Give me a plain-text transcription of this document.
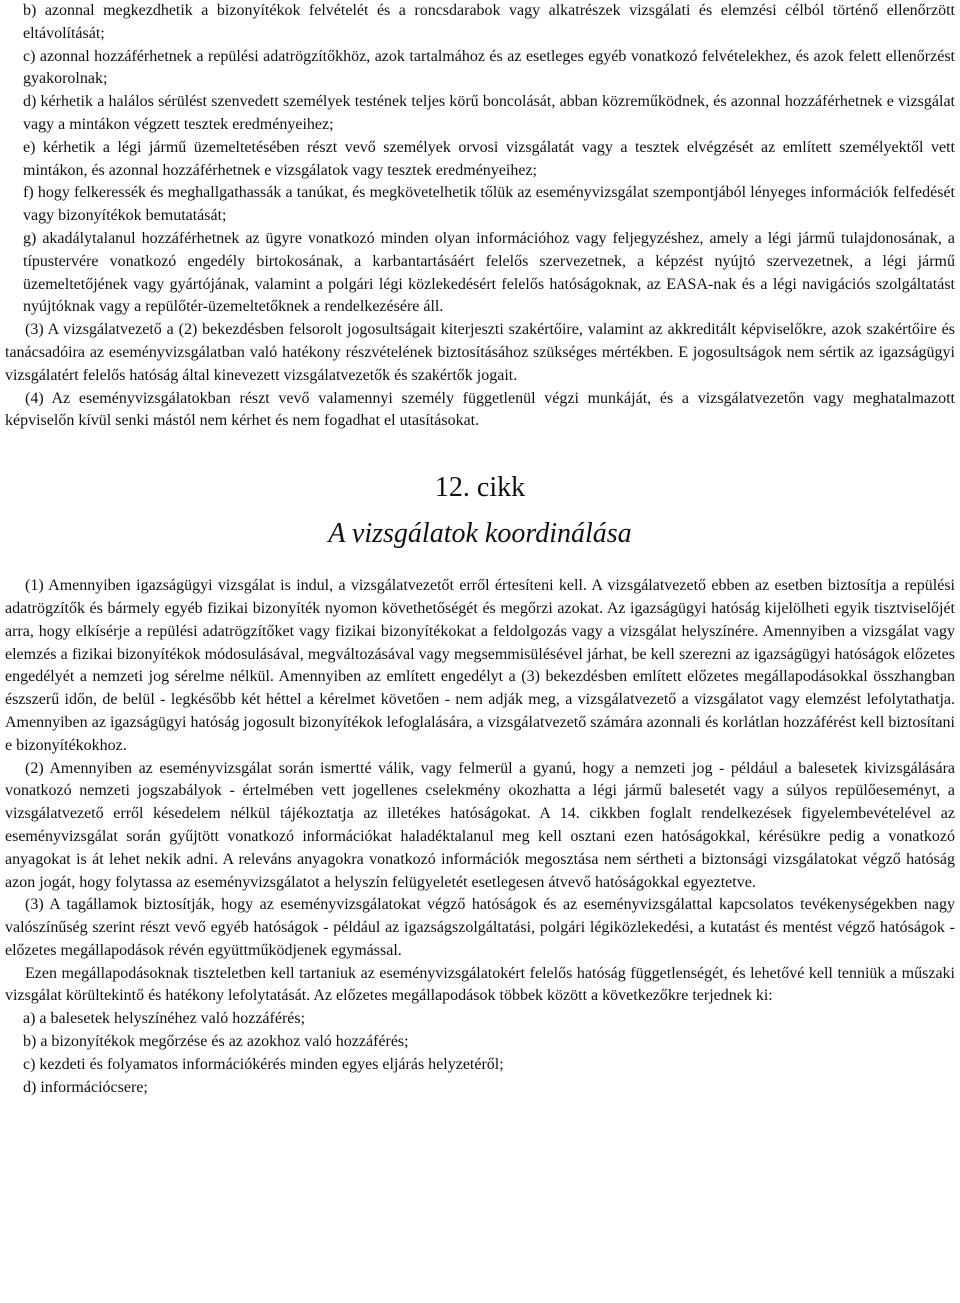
b) azonnal megkezdhetik a bizonyítékok felvételét és a roncsdarabok vagy alkatrészek vizsgálati és elemzési célból történő ellenőrzött eltávolítását;

c) azonnal hozzáférhetnek a repülési adatrögzítőkhöz, azok tartalmához és az esetleges egyéb vonatkozó felvételekhez, és azok felett ellenőrzést gyakorolnak;

d) kérhetik a halálos sérülést szenvedett személyek testének teljes körű boncolását, abban közreműködnek, és azonnal hozzáférhetnek e vizsgálat vagy a mintákon végzett tesztek eredményeihez;

e) kérhetik a légi jármű üzemeltetésében részt vevő személyek orvosi vizsgálatát vagy a tesztek elvégzését az említett személyektől vett mintákon, és azonnal hozzáférhetnek e vizsgálatok vagy tesztek eredményeihez;

f) hogy felkeressék és meghallgathassák a tanúkat, és megkövetelhetik tőlük az eseményvizsgálat szempontjából lényeges információk felfedését vagy bizonyítékok bemutatását;

g) akadálytalanul hozzáférhetnek az ügyre vonatkozó minden olyan információhoz vagy feljegyzéshez, amely a légi jármű tulajdonosának, a típustervére vonatkozó engedély birtokosának, a karbantartásáért felelős szervezetnek, a képzést nyújtó szervezetnek, a légi jármű üzemeltetőjének vagy gyártójának, valamint a polgári légi közlekedésért felelős hatóságoknak, az EASA-nak és a légi navigációs szolgáltatást nyújtóknak vagy a repülőtér-üzemeltetőknek a rendelkezésére áll.

(3) A vizsgálatvezető a (2) bekezdésben felsorolt jogosultságait kiterjeszti szakértőire, valamint az akkreditált képviselőkre, azok szakértőire és tanácsadóira az eseményvizsgálatban való hatékony részvételének biztosításához szükséges mértékben. E jogosultságok nem sértik az igazságügyi vizsgálatért felelős hatóság által kinevezett vizsgálatvezetők és szakértők jogait.

(4) Az eseményvizsgálatokban részt vevő valamennyi személy függetlenül végzi munkáját, és a vizsgálatvezetőn vagy meghatalmazott képviselőn kívül senki mástól nem kérhet és nem fogadhat el utasításokat.

12. cikk
A vizsgálatok koordinálása

(1) Amennyiben igazságügyi vizsgálat is indul, a vizsgálatvezetőt erről értesíteni kell. A vizsgálatvezető ebben az esetben biztosítja a repülési adatrögzítők és bármely egyéb fizikai bizonyíték nyomon követhetőségét és megőrzi azokat. Az igazságügyi hatóság kijelölheti egyik tisztviselőjét arra, hogy elkísérje a repülési adatrögzítőket vagy fizikai bizonyítékokat a feldolgozás vagy a vizsgálat helyszínére. Amennyiben a vizsgálat vagy elemzés a fizikai bizonyítékok módosulásával, megváltozásával vagy megsemmisülésével járhat, be kell szerezni az igazságügyi hatóságok előzetes engedélyét a nemzeti jog sérelme nélkül. Amennyiben az említett engedélyt a (3) bekezdésben említett előzetes megállapodásokkal összhangban észszerű időn, de belül - legkésőbb két héttel a kérelmet követően - nem adják meg, a vizsgálatvezető a vizsgálatot vagy elemzést lefolytathatja. Amennyiben az igazságügyi hatóság jogosult bizonyítékok lefoglalására, a vizsgálatvezető számára azonnali és korlátlan hozzáférést kell biztosítani e bizonyítékokhoz.

(2) Amennyiben az eseményvizsgálat során ismertté válik, vagy felmerül a gyanú, hogy a nemzeti jog - például a balesetek kivizsgálására vonatkozó nemzeti jogszabályok - értelmében vett jogellenes cselekmény okozhatta a légi jármű balesetét vagy a súlyos repülőeseményt, a vizsgálatvezető erről késedelem nélkül tájékoztatja az illetékes hatóságokat. A 14. cikkben foglalt rendelkezések figyelembevételével az eseményvizsgálat során gyűjtött vonatkozó információkat haladéktalanul meg kell osztani ezen hatóságokkal, kérésükre pedig a vonatkozó anyagokat is át lehet nekik adni. A releváns anyagokra vonatkozó információk megosztása nem sértheti a biztonsági vizsgálatokat végző hatóság azon jogát, hogy folytassa az eseményvizsgálatot a helyszín felügyeletét esetlegesen átvevő hatóságokkal egyeztetve.

(3) A tagállamok biztosítják, hogy az eseményvizsgálatokat végző hatóságok és az eseményvizsgálattal kapcsolatos tevékenységekben nagy valószínűség szerint részt vevő egyéb hatóságok - például az igazságszolgáltatási, polgári légiközlekedési, a kutatást és mentést végző hatóságok - előzetes megállapodások révén együttműködjenek egymással.

Ezen megállapodásoknak tiszteletben kell tartaniuk az eseményvizsgálatokért felelős hatóság függetlenségét, és lehetővé kell tenniük a műszaki vizsgálat körültekintő és hatékony lefolytatását. Az előzetes megállapodások többek között a következőkre terjednek ki:

a) a balesetek helyszínéhez való hozzáférés;

b) a bizonyítékok megőrzése és az azokhoz való hozzáférés;

c) kezdeti és folyamatos információkérés minden egyes eljárás helyzetéről;

d) információcsere;
